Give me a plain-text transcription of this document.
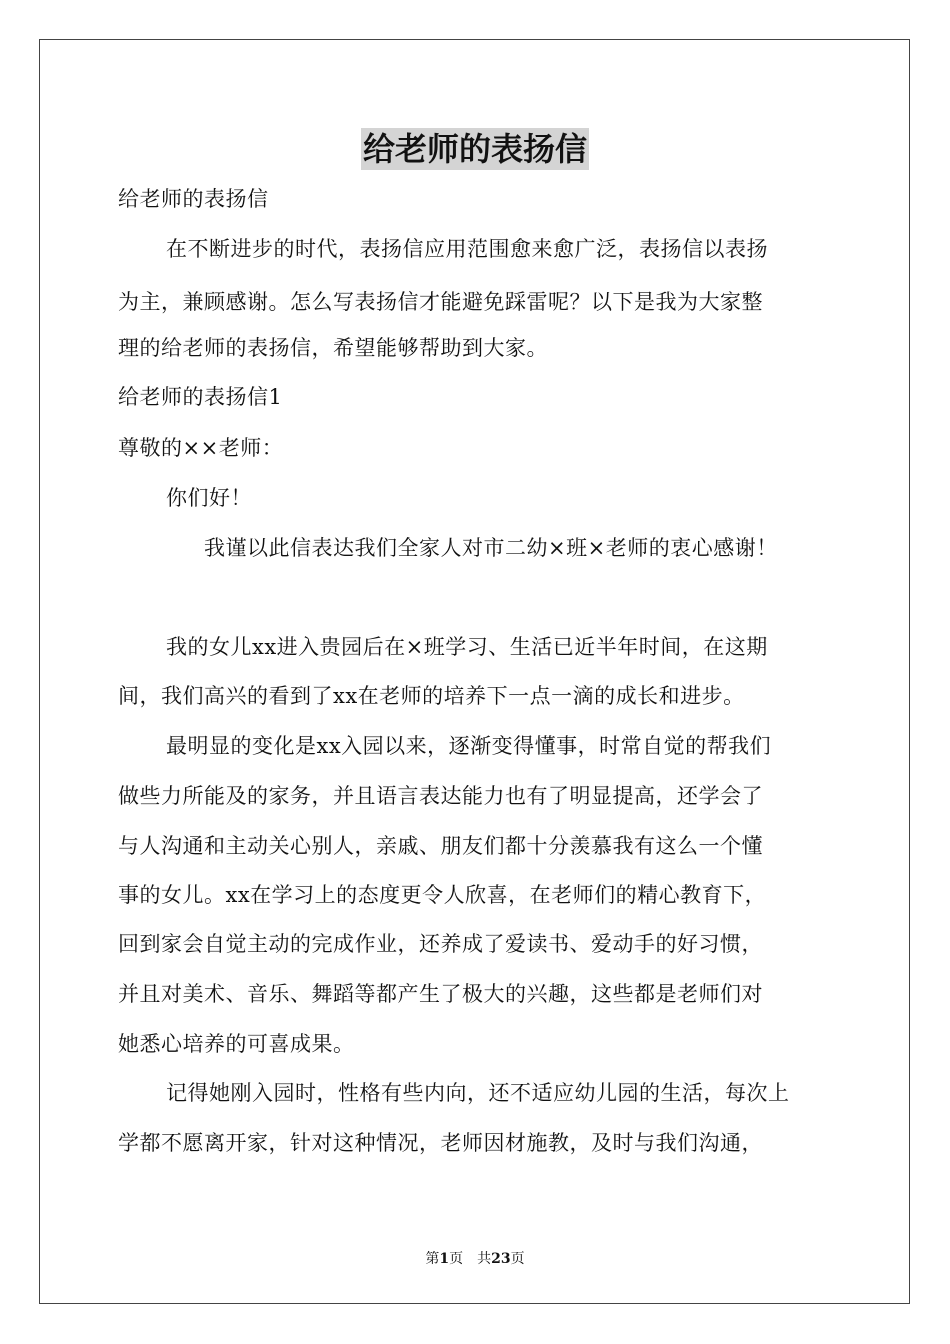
给老师的表扬信
给老师的表扬信
在不断进步的时代，表扬信应用范围愈来愈广泛，表扬信以表扬
为主，兼顾感谢。怎么写表扬信才能避免踩雷呢？以下是我为大家整
理的给老师的表扬信，希望能够帮助到大家。
给老师的表扬信1
尊敬的××老师：
你们好！
我谨以此信表达我们全家人对市二幼×班×老师的衷心感谢！
我的女儿xx进入贵园后在×班学习、生活已近半年时间，在这期
间，我们高兴的看到了xx在老师的培养下一点一滴的成长和进步。
最明显的变化是xx入园以来，逐渐变得懂事，时常自觉的帮我们
做些力所能及的家务，并且语言表达能力也有了明显提高，还学会了
与人沟通和主动关心别人，亲戚、朋友们都十分羡慕我有这么一个懂
事的女儿。xx在学习上的态度更令人欣喜，在老师们的精心教育下，
回到家会自觉主动的完成作业，还养成了爱读书、爱动手的好习惯，
并且对美术、音乐、舞蹈等都产生了极大的兴趣，这些都是老师们对
她悉心培养的可喜成果。
记得她刚入园时，性格有些内向，还不适应幼儿园的生活，每次上
学都不愿离开家，针对这种情况，老师因材施教，及时与我们沟通，
第1页　共23页
